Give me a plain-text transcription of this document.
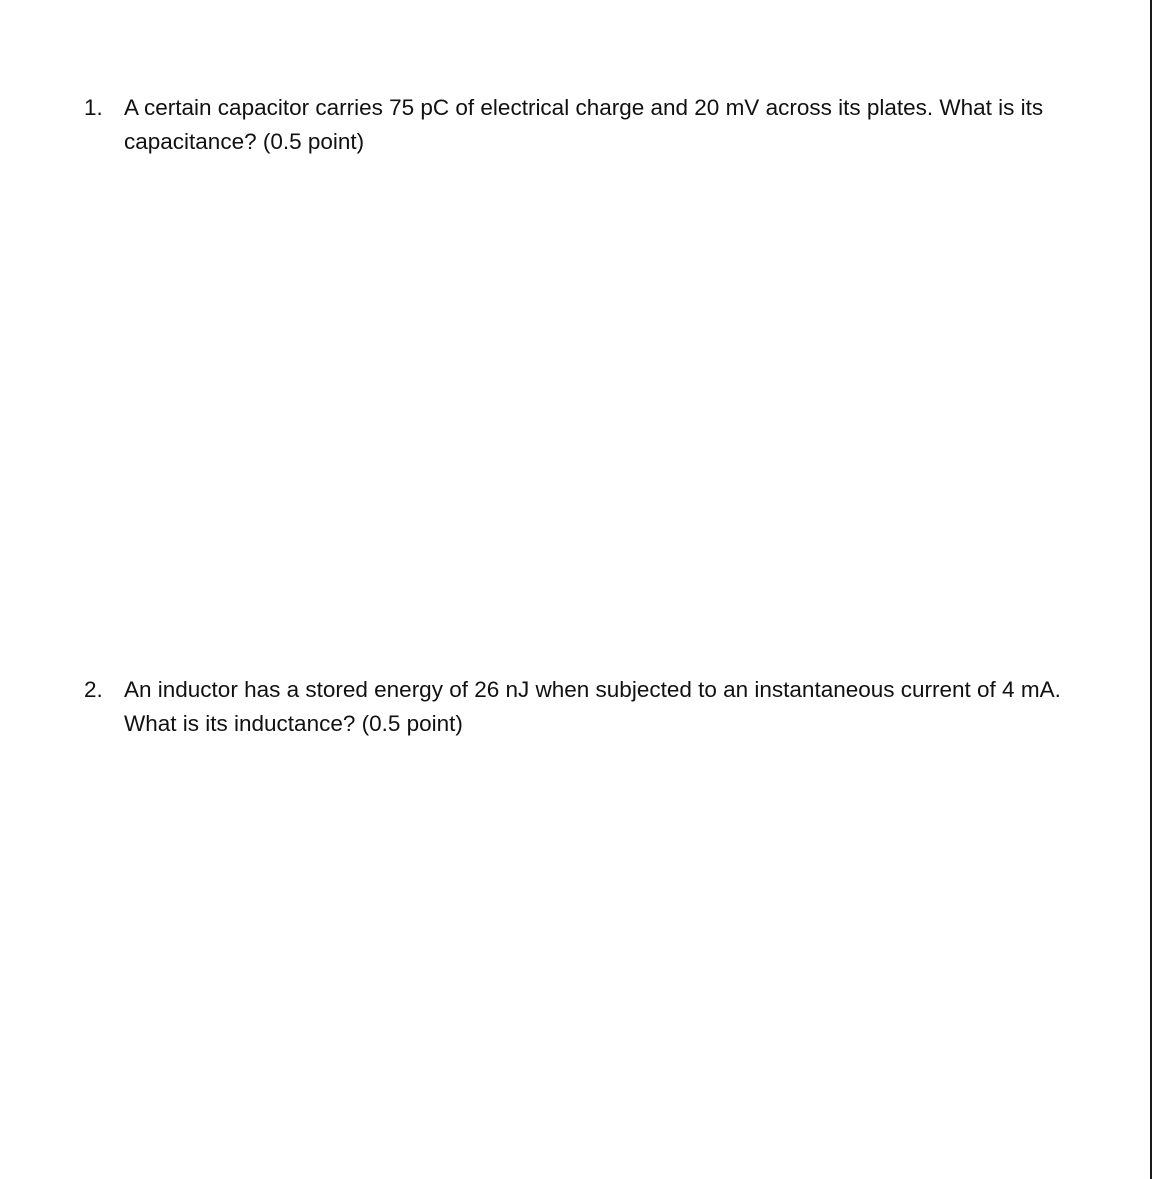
1. A certain capacitor carries 75 pC of electrical charge and 20 mV across its plates. What is its capacitance? (0.5 point)
2. An inductor has a stored energy of 26 nJ when subjected to an instantaneous current of 4 mA. What is its inductance? (0.5 point)
